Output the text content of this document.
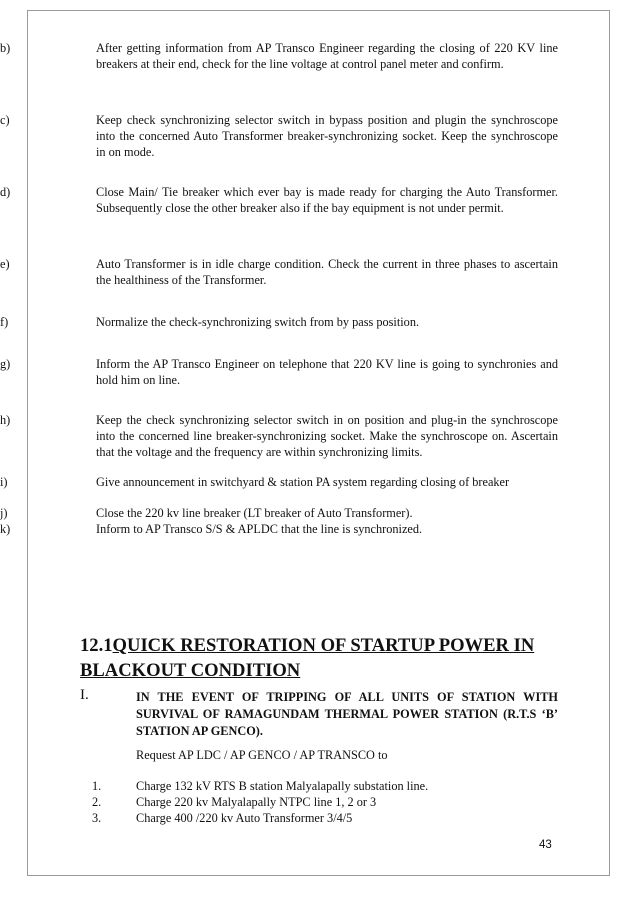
b)	After getting information from AP Transco Engineer regarding the closing of 220 KV line breakers at their end, check for the line voltage at control panel meter and confirm.
c)	Keep check synchronizing selector switch in bypass position and plugin the synchroscope into the concerned Auto Transformer breaker-synchronizing socket. Keep the synchroscope in on mode.
d)	Close Main/ Tie breaker which ever bay is made ready for charging the Auto Transformer. Subsequently close the other breaker also if the bay equipment is not under permit.
e)	Auto Transformer is in idle charge condition. Check the current in three phases to ascertain the healthiness of the Transformer.
f)	Normalize the check-synchronizing switch from by pass position.
g)	Inform the AP Transco Engineer on telephone that 220 KV line is going to synchronies and hold him on line.
h)	Keep the check synchronizing selector switch in on position and plug-in the synchroscope into the concerned line breaker-synchronizing socket. Make the synchroscope on. Ascertain that the voltage and the frequency are within synchronizing limits.
i)	Give announcement in switchyard & station PA system regarding closing of breaker
j)	Close the 220 kv line breaker (LT breaker of Auto Transformer).
k)	Inform to AP Transco S/S & APLDC that the line is synchronized.
12.1QUICK RESTORATION OF STARTUP POWER IN
BLACKOUT CONDITION
I.	IN THE EVENT OF TRIPPING OF ALL UNITS OF STATION WITH SURVIVAL OF RAMAGUNDAM THERMAL POWER STATION (R.T.S ‘B’ STATION AP GENCO).
Request AP LDC / AP GENCO / AP TRANSCO to
1.	Charge 132 kV RTS B station Malyalapally substation line.
2.	Charge 220 kv Malyalapally NTPC line 1, 2 or 3
3.	Charge 400 /220 kv Auto Transformer 3/4/5
43
